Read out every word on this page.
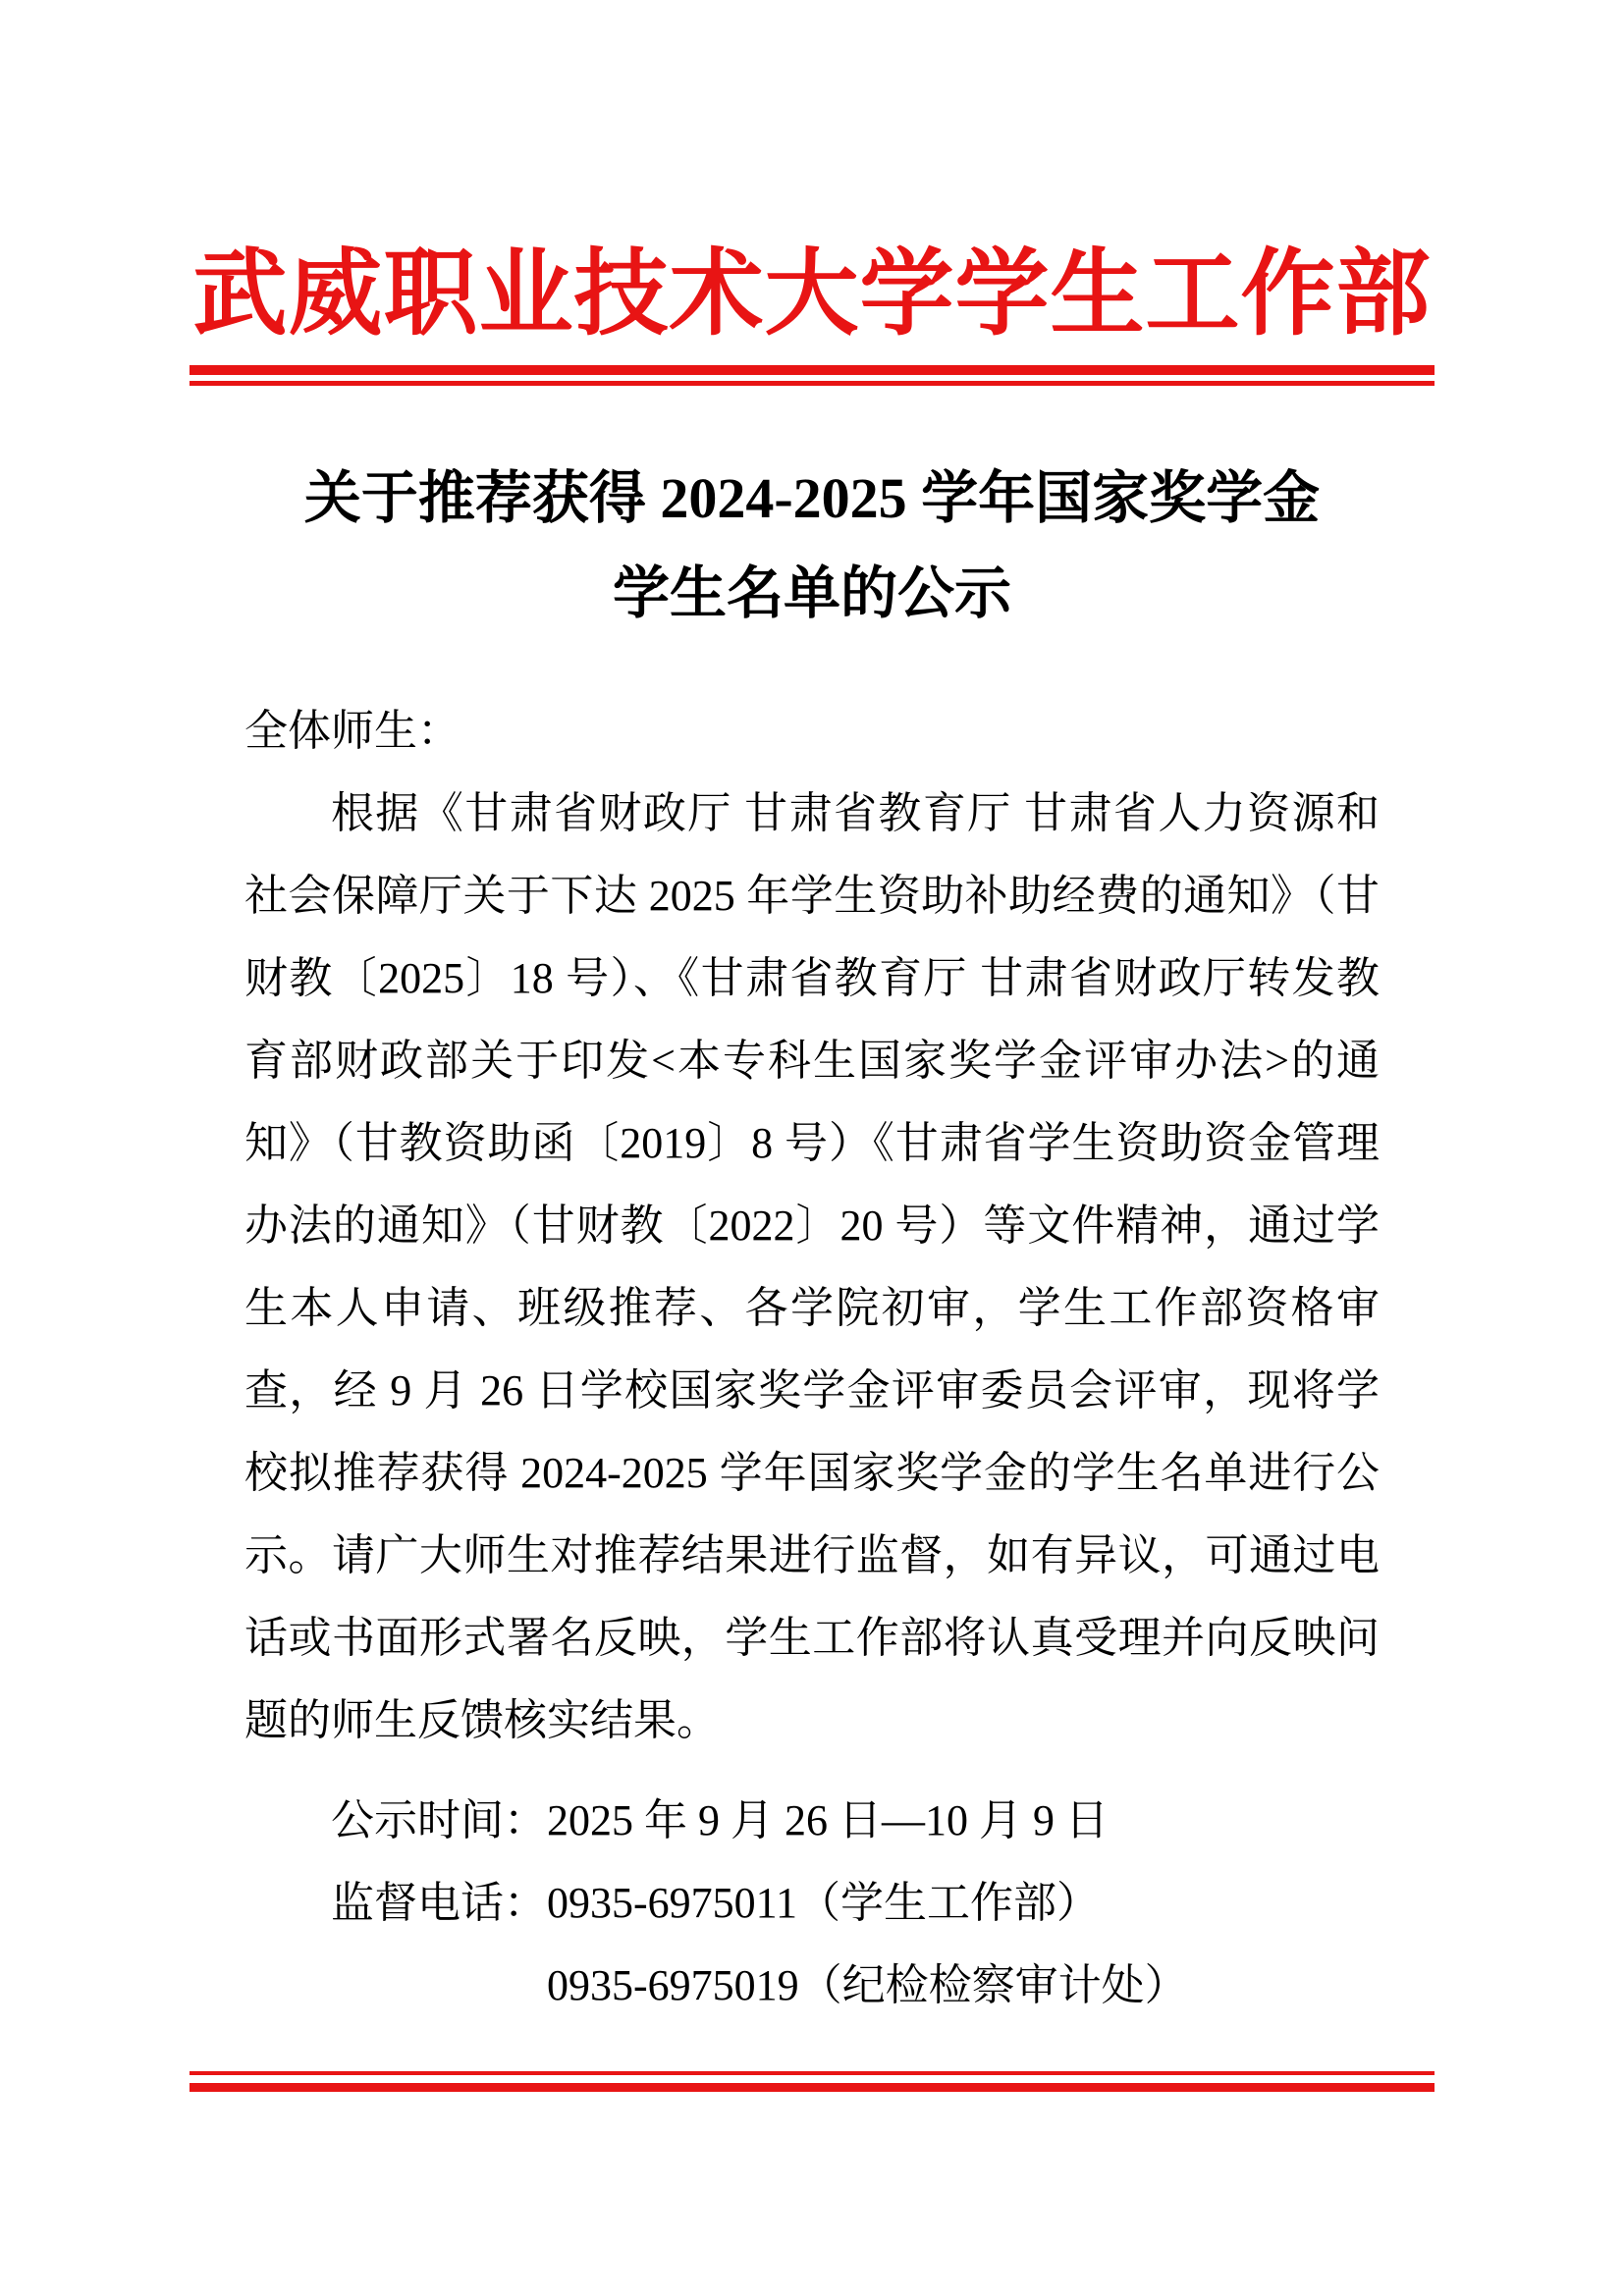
武威职业技术大学学生工作部
关于推荐获得 2024-2025 学年国家奖学金
学生名单的公示
全体师生：
根据《甘肃省财政厅 甘肃省教育厅 甘肃省人力资源和社会保障厅关于下达 2025 年学生资助补助经费的通知》（甘财教〔2025〕18 号）、《甘肃省教育厅 甘肃省财政厅转发教育部财政部关于印发<本专科生国家奖学金评审办法>的通知》（甘教资助函〔2019〕8 号）《甘肃省学生资助资金管理办法的通知》（甘财教〔2022〕20 号）等文件精神，通过学生本人申请、班级推荐、各学院初审，学生工作部资格审查，经 9 月 26 日学校国家奖学金评审委员会评审，现将学校拟推荐获得 2024-2025 学年国家奖学金的学生名单进行公示。请广大师生对推荐结果进行监督，如有异议，可通过电话或书面形式署名反映，学生工作部将认真受理并向反映问题的师生反馈核实结果。
公示时间：2025 年 9 月 26 日—10 月 9 日
监督电话：0935-6975011（学生工作部）
0935-6975019（纪检检察审计处）
